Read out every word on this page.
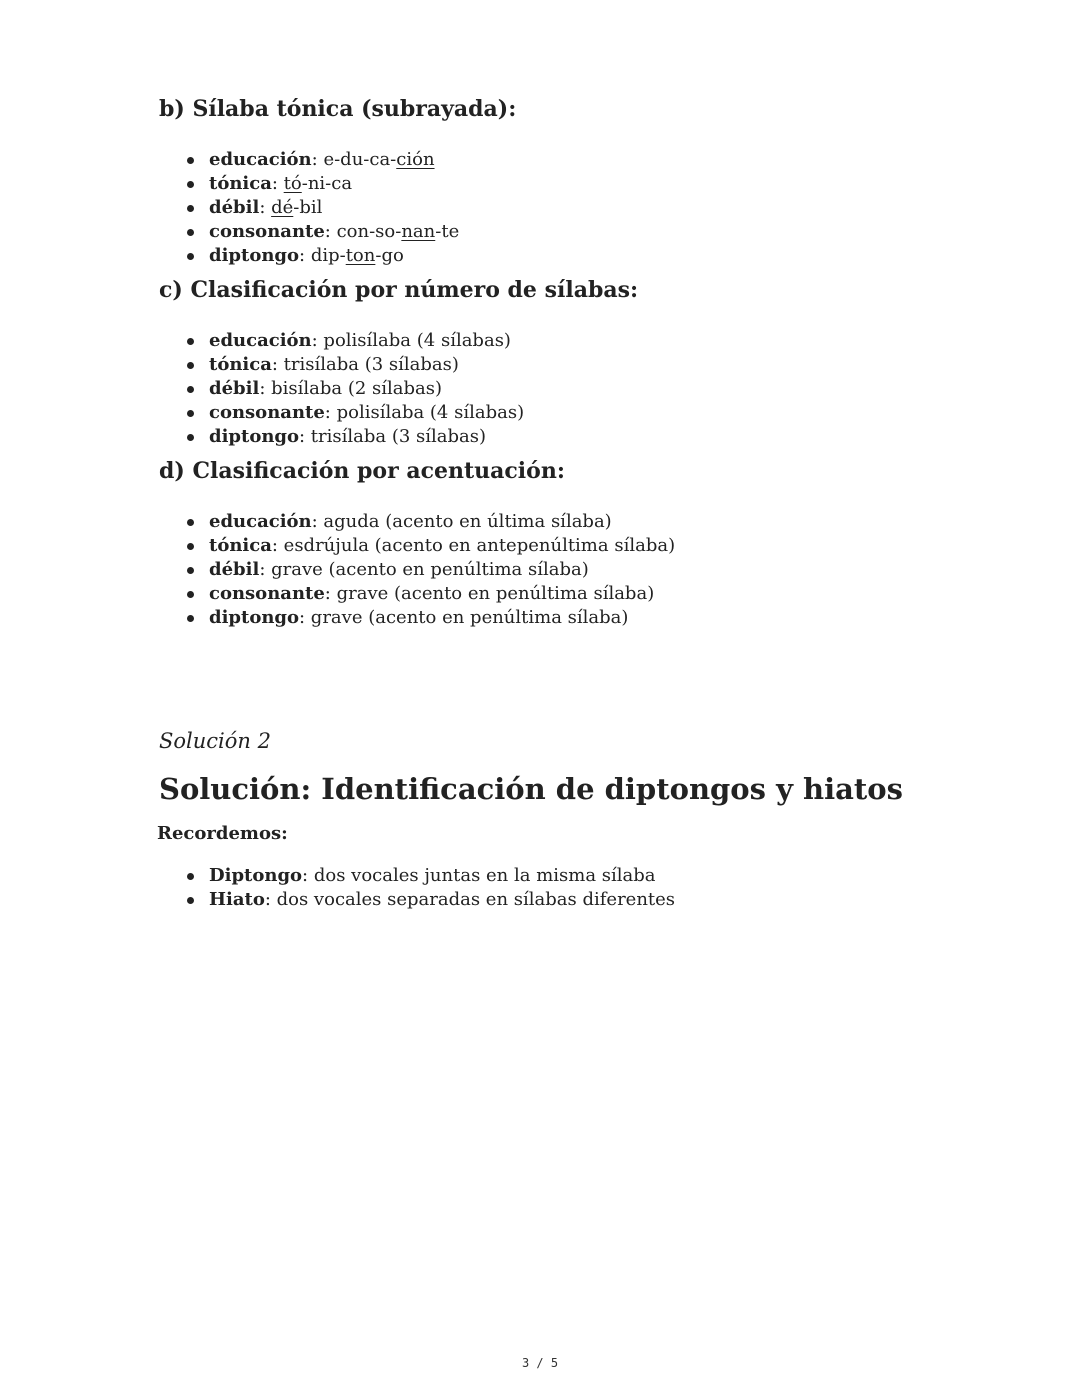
b) Sílaba tónica (subrayada):
educación: e-du-ca-ción
tónica: tó-ni-ca
débil: dé-bil
consonante: con-so-nan-te
diptongo: dip-ton-go
c) Clasificación por número de sílabas:
educación: polisílaba (4 sílabas)
tónica: trisílaba (3 sílabas)
débil: bisílaba (2 sílabas)
consonante: polisílaba (4 sílabas)
diptongo: trisílaba (3 sílabas)
d) Clasificación por acentuación:
educación: aguda (acento en última sílaba)
tónica: esdrújula (acento en antepenúltima sílaba)
débil: grave (acento en penúltima sílaba)
consonante: grave (acento en penúltima sílaba)
diptongo: grave (acento en penúltima sílaba)

Solución 2

Solución: Identificación de diptongos y hiatos

Recordemos:

Diptongo: dos vocales juntas en la misma sílaba
Hiato: dos vocales separadas en sílabas diferentes
3 / 5
